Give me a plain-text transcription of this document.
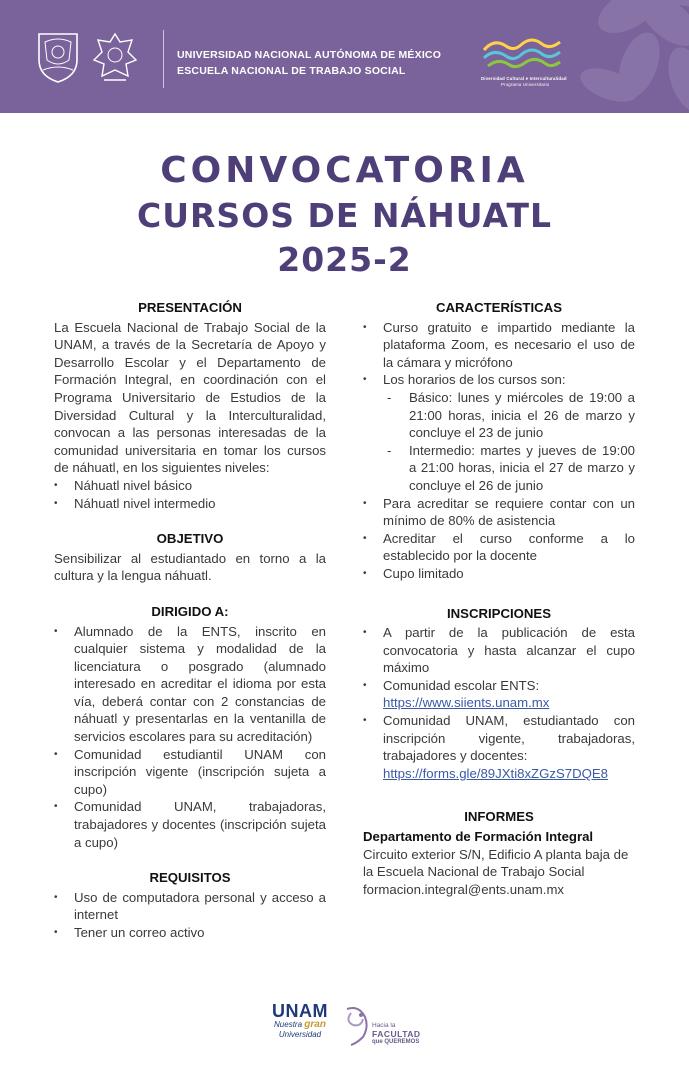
UNIVERSIDAD NACIONAL AUTÓNOMA DE MÉXICO
ESCUELA NACIONAL DE TRABAJO SOCIAL
Diversidad Cultural e Interculturalidad
Programa Universitario
CONVOCATORIA
CURSOS DE NÁHUATL
2025-2
PRESENTACIÓN

La Escuela Nacional de Trabajo Social de la UNAM, a través de la Secretaría de Apoyo y Desarrollo Escolar y el Departamento de Formación Integral, en coordinación con el Programa Universitario de Estudios de la Diversidad Cultural y la Interculturalidad, convocan a las personas interesadas de la comunidad universitaria en tomar los cursos de náhuatl, en los siguientes niveles:

• Náhuatl nivel básico
• Náhuatl nivel intermedio
OBJETIVO

Sensibilizar al estudiantado en torno a la cultura y la lengua náhuatl.

DIRIGIDO A:
• Alumnado de la ENTS, inscrito en cualquier sistema y modalidad de la licenciatura o posgrado (alumnado interesado en acreditar el idioma por esta vía, deberá contar con 2 constancias de náhuatl y presentarlas en la ventanilla de servicios escolares para su acreditación)
• Comunidad estudiantil UNAM con inscripción vigente (inscripción sujeta a cupo)
• Comunidad UNAM, trabajadoras, trabajadores y docentes (inscripción sujeta a cupo)
REQUISITOS
• Uso de computadora personal y acceso a internet
• Tener un correo activo
CARACTERÍSTICAS
• Curso gratuito e impartido mediante la plataforma Zoom, es necesario el uso de la cámara y micrófono
• Los horarios de los cursos son:
- Básico: lunes y miércoles de 19:00 a 21:00 horas, inicia el 26 de marzo y concluye el 23 de junio
- Intermedio: martes y jueves de 19:00 a 21:00 horas, inicia el 27 de marzo y concluye el 26 de junio
• Para acreditar se requiere contar con un mínimo de 80% de asistencia
• Acreditar el curso conforme a lo establecido por la docente
• Cupo limitado
INSCRIPCIONES
• A partir de la publicación de esta convocatoria y hasta alcanzar el cupo máximo
• Comunidad escolar ENTS:
https://www.siients.unam.mx
• Comunidad UNAM, estudiantado con inscripción vigente, trabajadoras, trabajadores y docentes:
https://forms.gle/89JXti8xZGzS7DQE8
INFORMES
Departamento de Formación Integral
Circuito exterior S/N, Edificio A planta baja de la Escuela Nacional de Trabajo Social
formacion.integral@ents.unam.mx
UNAM
Nuestra gran
Universidad
Hacia la
FACULTAD
que QUEREMOS
